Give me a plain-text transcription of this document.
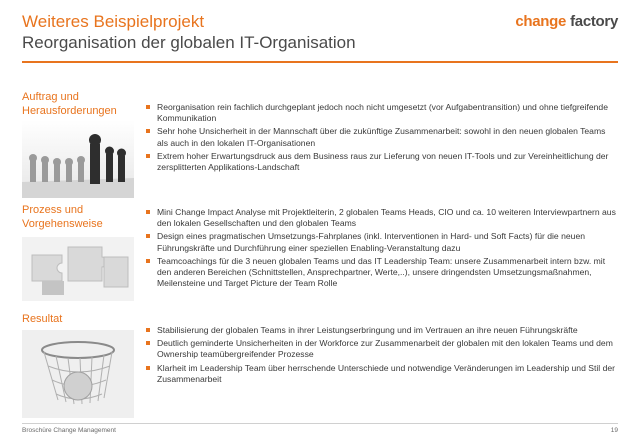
Weiteres Beispielprojekt
Reorganisation der globalen IT-Organisation
change factory
Auftrag und
Herausforderungen	Reorganisation rein fachlich durchgeplant jedoch noch nicht umgesetzt (vor Aufgabentransition) und ohne tiefgreifende Kommunikation
Sehr hohe Unsicherheit in der Mannschaft über die zukünftige Zusammenarbeit: sowohl in den neuen globalen Teams als auch in den lokalen IT-Organisationen
Extrem hoher Erwartungsdruck aus dem Business raus zur Lieferung von neuen IT-Tools und zur Vereinheitlichung der zersplitterten Applikations-Landschaft
Prozess und
Vorgehensweise
Mini Change Impact Analyse mit Projektleiterin, 2 globalen Teams Heads, CIO und ca. 10 weiteren Interviewpartnern aus den lokalen Gesellschaften und den globalen Teams
Design eines pragmatischen Umsetzungs-Fahrplanes (inkl. Interventionen in Hard- und Soft Facts) für die neuen Führungskräfte und Durchführung einer speziellen Enabling-Veranstaltung dazu
Teamcoachings für die 3 neuen globalen Teams und das IT Leadership Team: unsere Zusammenarbeit intern bzw. mit den anderen Bereichen (Schnittstellen, Ansprechpartner, Werte,..), unsere dringendsten Umsetzungsmaßnahmen, Meilensteine und Target Picture der Team Rolle
Resultat
Stabilisierung der globalen Teams in ihrer Leistungserbringung und im Vertrauen an ihre neuen Führungskräfte
Deutlich geminderte Unsicherheiten in der Workforce zur Zusammenarbeit der globalen mit den lokalen Teams und dem Ownership teamübergreifender Prozesse
Klarheit im Leadership Team über herrschende Unterschiede und notwendige Veränderungen im Leadership und Stil der Zusammenarbeit
Broschüre Change Management	19
